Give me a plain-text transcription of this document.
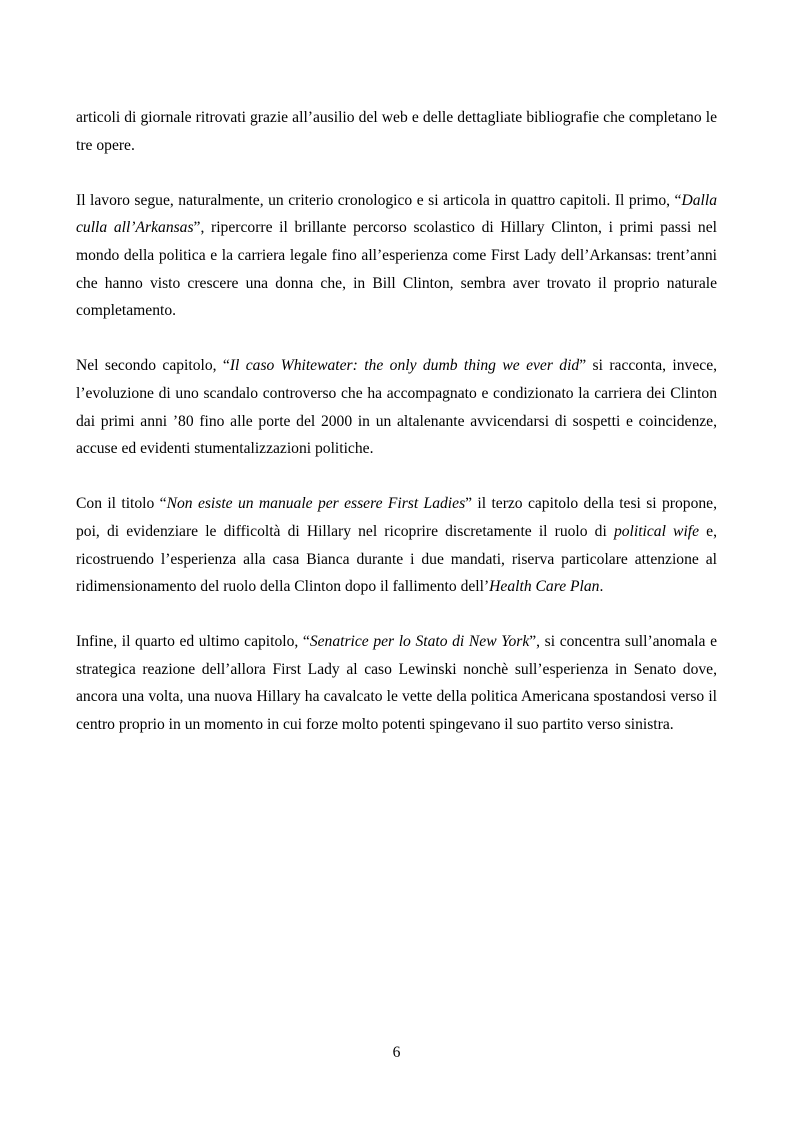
articoli di giornale ritrovati grazie all’ausilio del web e delle dettagliate bibliografie che completano le tre opere.

Il lavoro segue, naturalmente, un criterio cronologico e si articola in quattro capitoli. Il primo, “Dalla culla all’Arkansas”, ripercorre il brillante percorso scolastico di Hillary Clinton, i primi passi nel mondo della politica e la carriera legale fino all’esperienza come First Lady dell’Arkansas: trent’anni che hanno visto crescere una donna che, in Bill Clinton, sembra aver trovato il proprio naturale completamento.

Nel secondo capitolo, “Il caso Whitewater: the only dumb thing we ever did” si racconta, invece, l’evoluzione di uno scandalo controverso che ha accompagnato e condizionato la carriera dei Clinton dai primi anni ’80 fino alle porte del 2000 in un altalenante avvicendarsi di sospetti e coincidenze, accuse ed evidenti stumentalizzazioni politiche.

Con il titolo “Non esiste un manuale per essere First Ladies” il terzo capitolo della tesi si propone, poi, di evidenziare le difficoltà di Hillary nel ricoprire discretamente il ruolo di political wife e, ricostruendo l’esperienza alla casa Bianca durante i due mandati, riserva particolare attenzione al ridimensionamento del ruolo della Clinton dopo il fallimento dell’Health Care Plan.

Infine, il quarto ed ultimo capitolo, “Senatrice per lo Stato di New York”, si concentra sull’anomala e strategica reazione dell’allora First Lady al caso Lewinski nonchè sull’esperienza in Senato dove, ancora una volta, una nuova Hillary ha cavalcato le vette della politica Americana spostandosi verso il centro proprio in un momento in cui forze molto potenti spingevano il suo partito verso sinistra.

6
